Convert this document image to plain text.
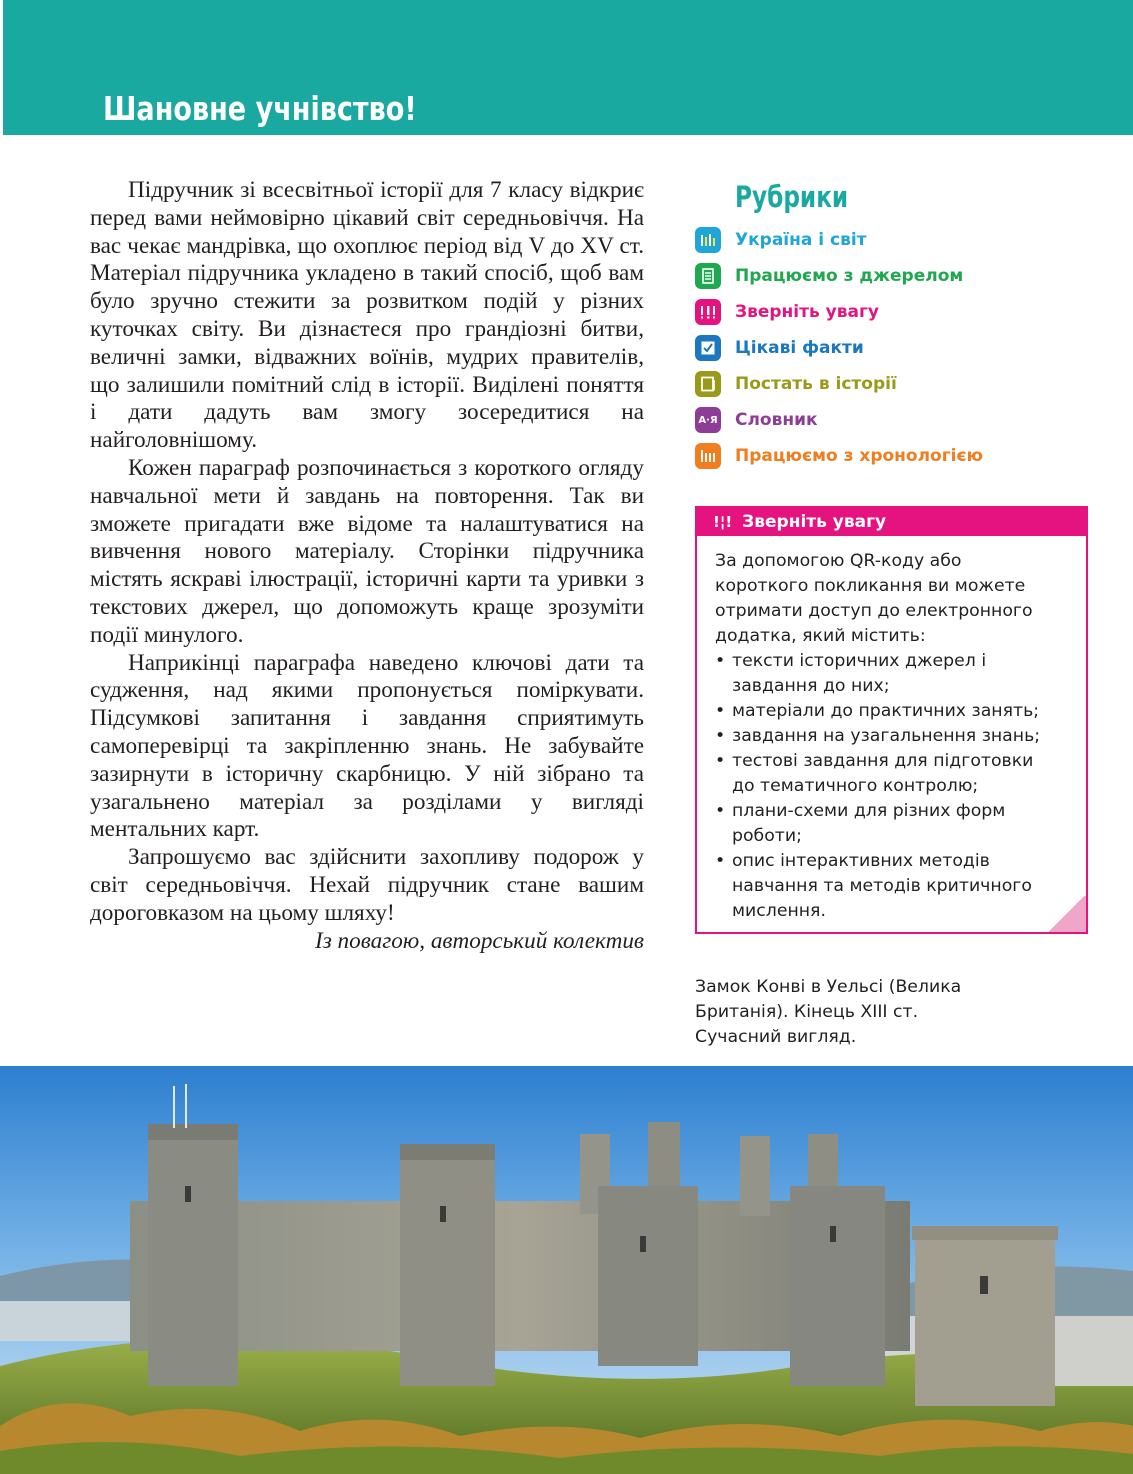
Шановне учнівство!

Підручник зі всесвітньої історії для 7 класу відкриє перед вами неймовірно цікавий світ середньовіччя. На вас чекає мандрівка, що охоплює період від V до XV ст. Матеріал підручника укладено в такий спосіб, щоб вам було зручно стежити за розвитком подій у різних куточках світу. Ви дізнаєтеся про грандіозні битви, величні замки, відважних воїнів, мудрих правителів, що залишили помітний слід в історії. Виділені поняття і дати дадуть вам змогу зосередитися на найголовнішому.

Кожен параграф розпочинається з короткого огляду навчальної мети й завдань на повторення. Так ви зможете пригадати вже відоме та налаштуватися на вивчення нового матеріалу. Сторінки підручника містять яскраві ілюстрації, історичні карти та уривки з текстових джерел, що допоможуть краще зрозуміти події минулого.

Наприкінці параграфа наведено ключові дати та судження, над якими пропонується поміркувати. Підсумкові запитання і завдання сприятимуть самоперевірці та закріпленню знань. Не забувайте зазирнути в історичну скарбницю. У ній зібрано та узагальнено матеріал за розділами у вигляді ментальних карт.

Запрошуємо вас здійснити захопливу подорож у світ середньовіччя. Нехай підручник стане вашим дороговказом на цьому шляху!

Із повагою, авторський колектив

Рубрики
Україна і світ
Працюємо з джерелом
Зверніть увагу
Цікаві факти
Постать в історії
А·Я Словник
Працюємо з хронологією
!¦! Зверніть увагу
За допомогою QR-коду або короткого покликання ви можете отримати доступ до електронного додатка, який містить:
• тексти історичних джерел і завдання до них;
• матеріали до практичних занять;
• завдання на узагальнення знань;
• тестові завдання для підготовки до тематичного контролю;
• плани-схеми для різних форм роботи;
• опис інтерактивних методів навчання та методів критичного мислення.
Замок Конві в Уельсі (Велика
Британія). Кінець XIII ст.
Сучасний вигляд.
